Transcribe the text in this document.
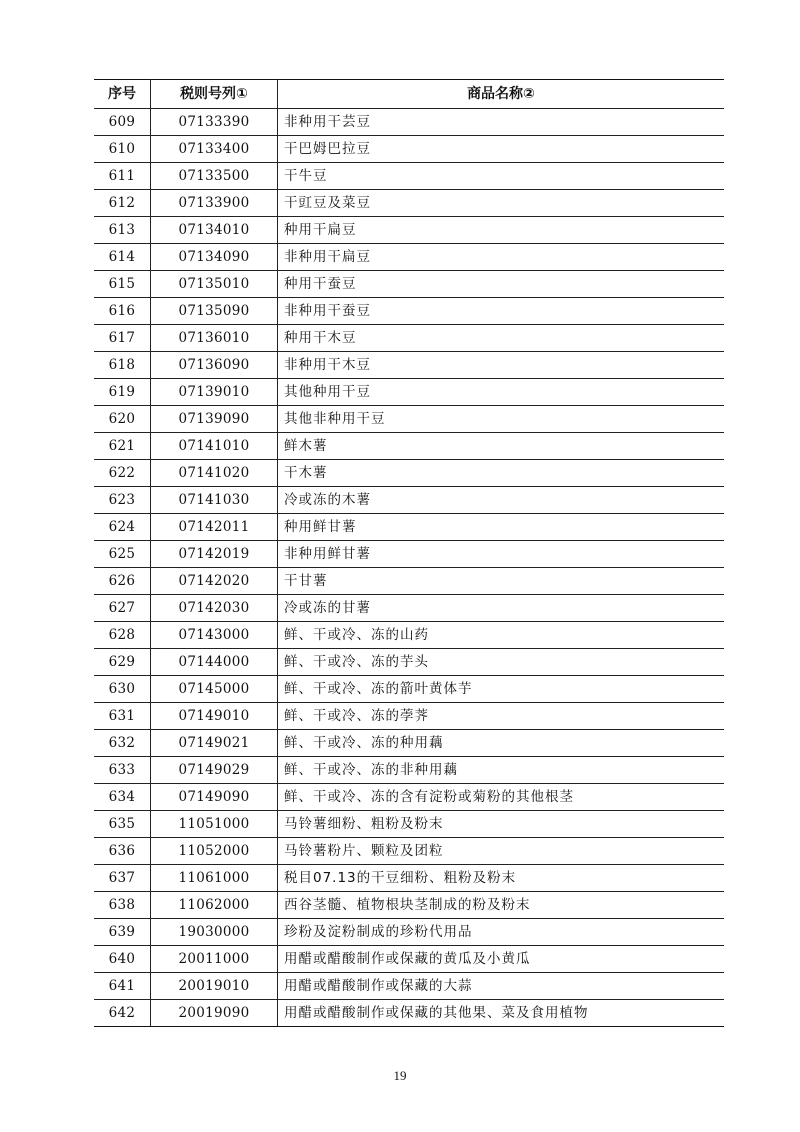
序号	税则号列①	商品名称②
609	07133390	非种用干芸豆
610	07133400	干巴姆巴拉豆
611	07133500	干牛豆
612	07133900	干豇豆及菜豆
613	07134010	种用干扁豆
614	07134090	非种用干扁豆
615	07135010	种用干蚕豆
616	07135090	非种用干蚕豆
617	07136010	种用干木豆
618	07136090	非种用干木豆
619	07139010	其他种用干豆
620	07139090	其他非种用干豆
621	07141010	鲜木薯
622	07141020	干木薯
623	07141030	冷或冻的木薯
624	07142011	种用鲜甘薯
625	07142019	非种用鲜甘薯
626	07142020	干甘薯
627	07142030	冷或冻的甘薯
628	07143000	鲜、干或冷、冻的山药
629	07144000	鲜、干或冷、冻的芋头
630	07145000	鲜、干或冷、冻的箭叶黄体芋
631	07149010	鲜、干或冷、冻的荸荠
632	07149021	鲜、干或冷、冻的种用藕
633	07149029	鲜、干或冷、冻的非种用藕
634	07149090	鲜、干或冷、冻的含有淀粉或菊粉的其他根茎
635	11051000	马铃薯细粉、粗粉及粉末
636	11052000	马铃薯粉片、颗粒及团粒
637	11061000	税目07.13的干豆细粉、粗粉及粉末
638	11062000	西谷茎髓、植物根块茎制成的粉及粉末
639	19030000	珍粉及淀粉制成的珍粉代用品
640	20011000	用醋或醋酸制作或保藏的黄瓜及小黄瓜
641	20019010	用醋或醋酸制作或保藏的大蒜
642	20019090	用醋或醋酸制作或保藏的其他果、菜及食用植物
19
